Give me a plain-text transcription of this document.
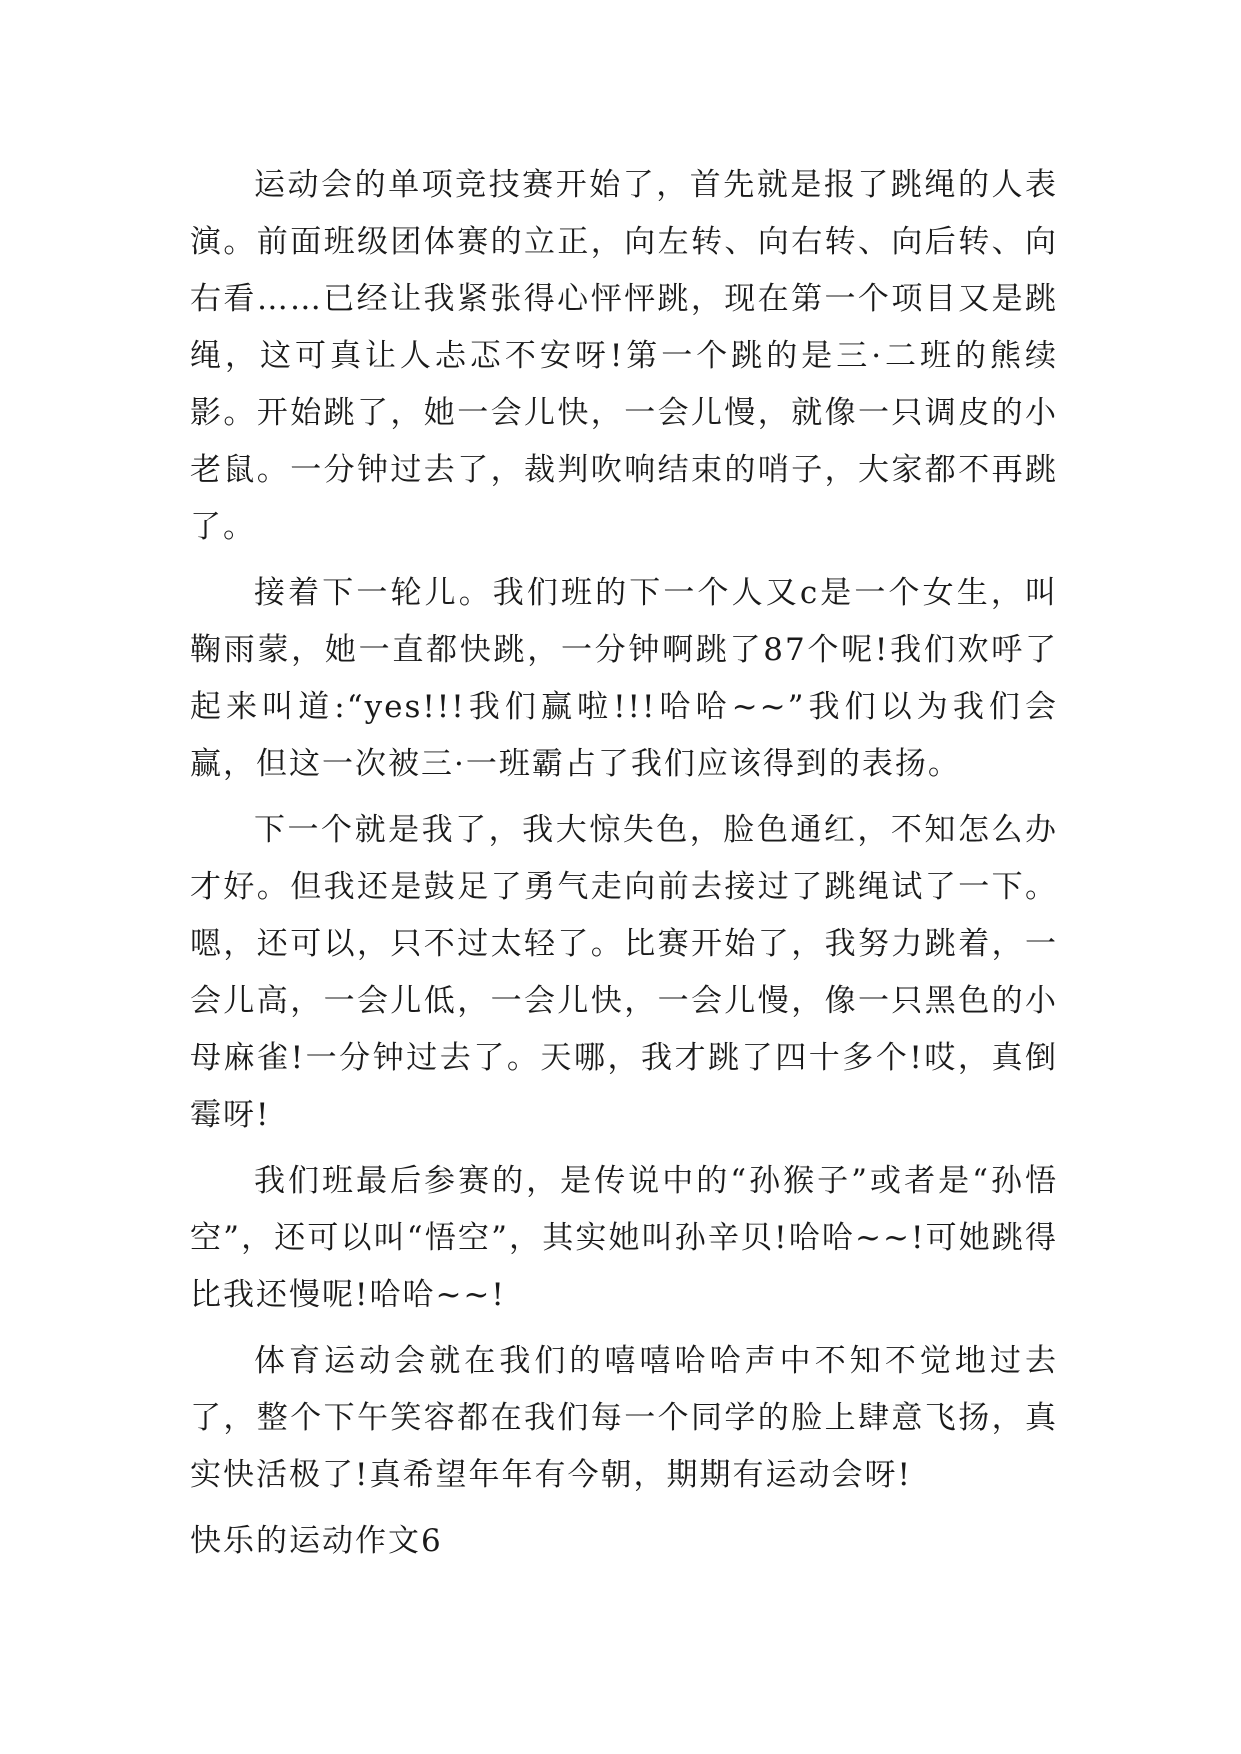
运动会的单项竞技赛开始了，首先就是报了跳绳的人表演。前面班级团体赛的立正，向左转、向右转、向后转、向右看……已经让我紧张得心怦怦跳，现在第一个项目又是跳绳，这可真让人忐忑不安呀!第一个跳的是三·二班的熊续影。开始跳了，她一会儿快，一会儿慢，就像一只调皮的小老鼠。一分钟过去了，裁判吹响结束的哨子，大家都不再跳了。

接着下一轮儿。我们班的下一个人又c是一个女生，叫鞠雨蒙，她一直都快跳，一分钟啊跳了87个呢!我们欢呼了起来叫道:“yes!!!我们赢啦!!!哈哈~~”我们以为我们会赢，但这一次被三·一班霸占了我们应该得到的表扬。

下一个就是我了，我大惊失色，脸色通红，不知怎么办才好。但我还是鼓足了勇气走向前去接过了跳绳试了一下。嗯，还可以，只不过太轻了。比赛开始了，我努力跳着，一会儿高，一会儿低，一会儿快，一会儿慢，像一只黑色的小母麻雀!一分钟过去了。天哪，我才跳了四十多个!哎，真倒霉呀!

我们班最后参赛的，是传说中的“孙猴子”或者是“孙悟空”，还可以叫“悟空”，其实她叫孙辛贝!哈哈~~!可她跳得比我还慢呢!哈哈~~!

体育运动会就在我们的嘻嘻哈哈声中不知不觉地过去了，整个下午笑容都在我们每一个同学的脸上肆意飞扬，真实快活极了!真希望年年有今朝，期期有运动会呀!

快乐的运动作文6
